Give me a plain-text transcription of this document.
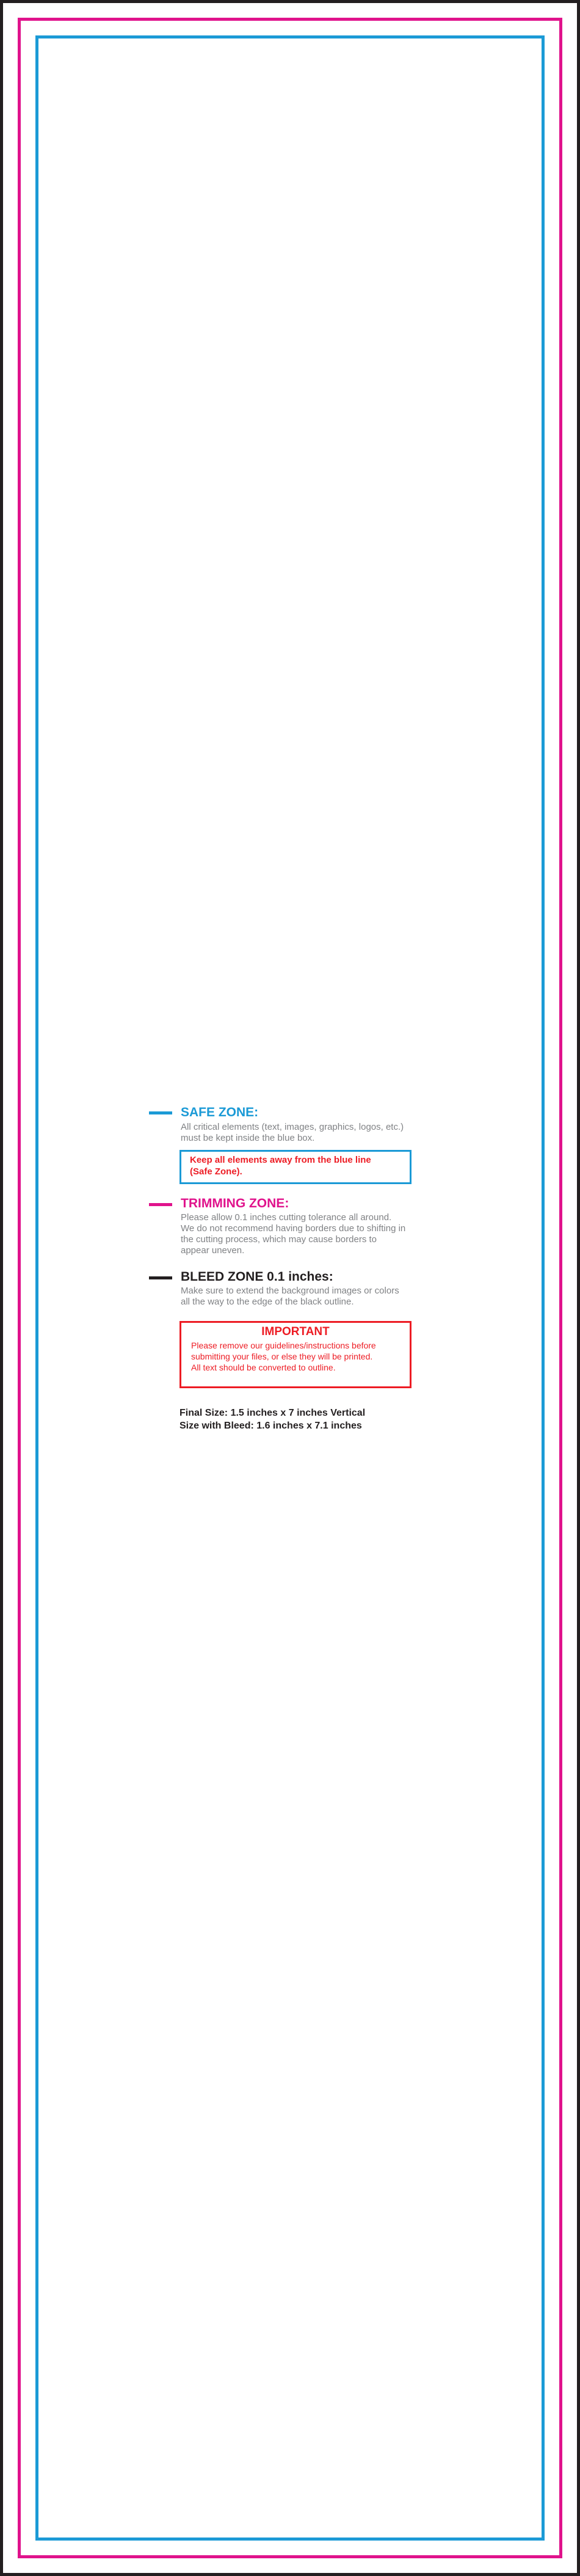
SAFE ZONE:
All critical elements (text, images, graphics, logos, etc.)
must be kept inside the blue box.
Keep all elements away from the blue line
(Safe Zone).
TRIMMING ZONE:
Please allow 0.1 inches cutting tolerance all around.
We do not recommend having borders due to shifting in
the cutting process, which may cause borders to
appear uneven.
BLEED ZONE 0.1 inches:
Make sure to extend the background images or colors
all the way to the edge of the black outline.
IMPORTANT
Please remove our guidelines/instructions before
submitting your files, or else they will be printed.
All text should be converted to outline.
Final Size: 1.5 inches x 7 inches Vertical
Size with Bleed: 1.6 inches x 7.1 inches
